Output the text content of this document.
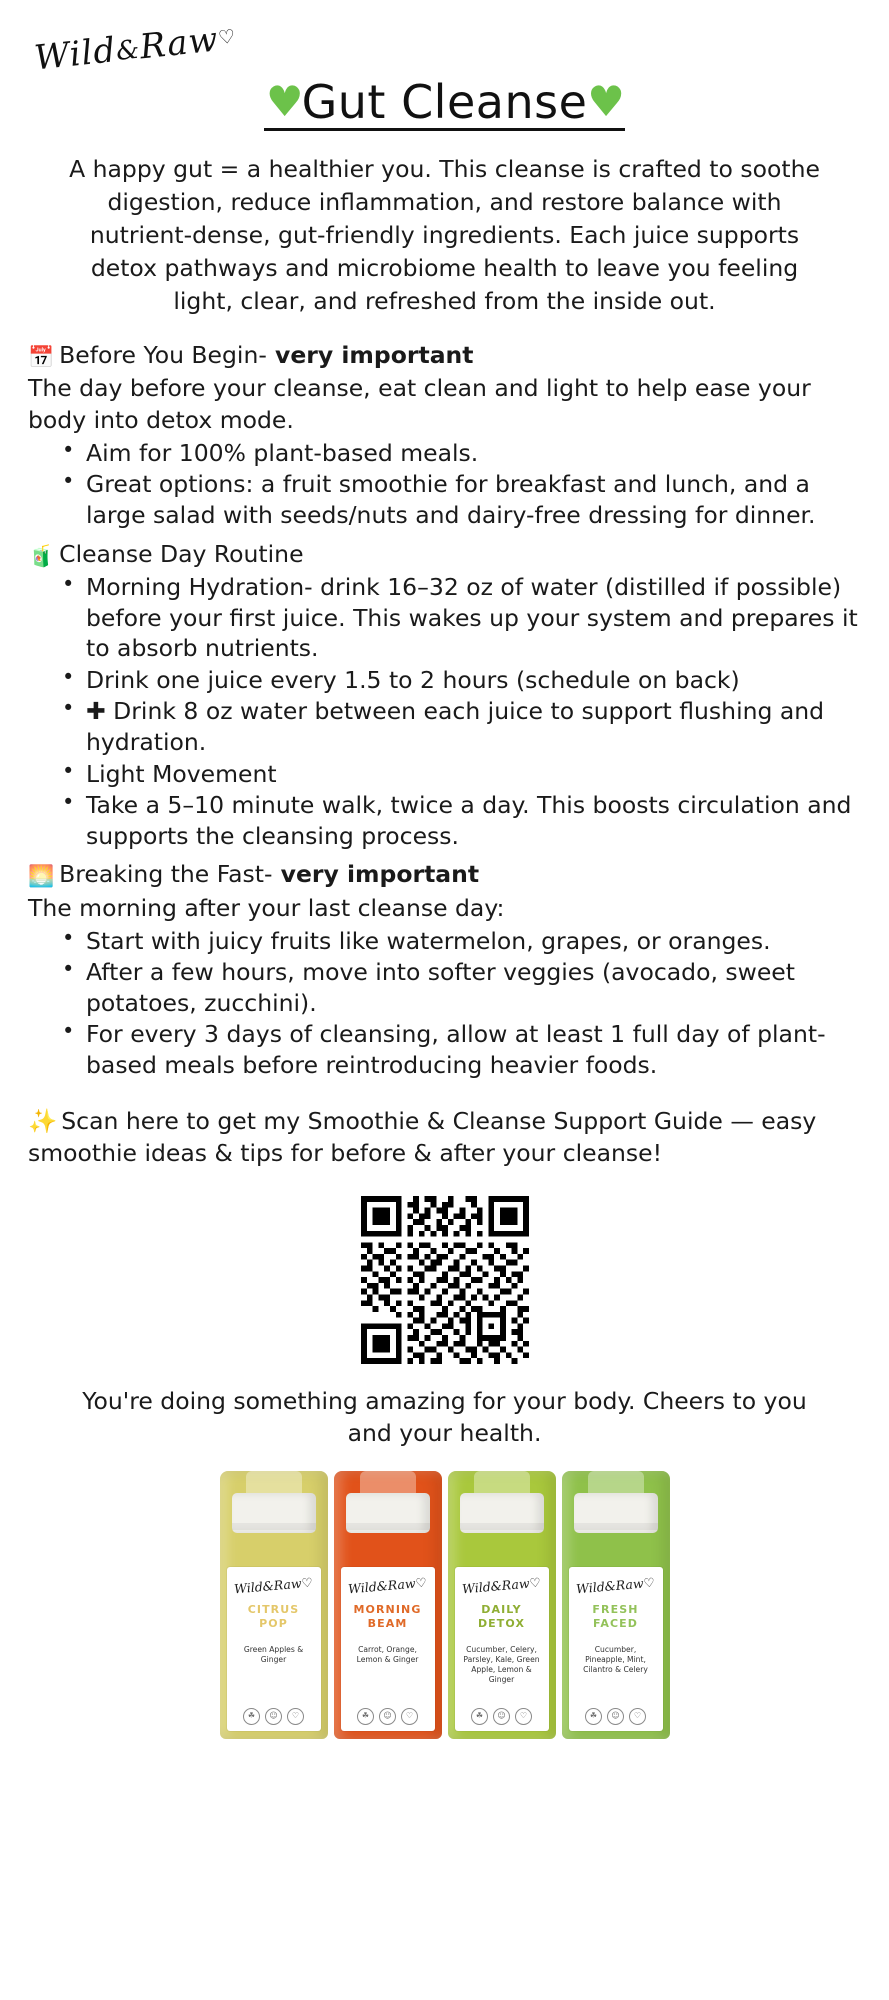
Wild&Raw♡
♥Gut Cleanse♥

A happy gut = a healthier you. This cleanse is crafted to soothe digestion, reduce inflammation, and restore balance with nutrient-dense, gut-friendly ingredients. Each juice supports detox pathways and microbiome health to leave you feeling light, clear, and refreshed from the inside out.

📅 Before You Begin- very important
The day before your cleanse, eat clean and light to help ease your body into detox mode.
• Aim for 100% plant-based meals.
• Great options: a fruit smoothie for breakfast and lunch, and a large salad with seeds/nuts and dairy-free dressing for dinner.
🧃 Cleanse Day Routine
• Morning Hydration- drink 16–32 oz of water (distilled if possible) before your first juice. This wakes up your system and prepares it to absorb nutrients.
• Drink one juice every 1.5 to 2 hours (schedule on back)
• ✚ Drink 8 oz water between each juice to support flushing and hydration.
• Light Movement
• Take a 5–10 minute walk, twice a day. This boosts circulation and supports the cleansing process.
🌅 Breaking the Fast- very important
The morning after your last cleanse day:
• Start with juicy fruits like watermelon, grapes, or oranges.
• After a few hours, move into softer veggies (avocado, sweet potatoes, zucchini).
• For every 3 days of cleansing, allow at least 1 full day of plant-based meals before reintroducing heavier foods.

✨ Scan here to get my Smoothie & Cleanse Support Guide — easy smoothie ideas & tips for before & after your cleanse!

You're doing something amazing for your body. Cheers to you and your health.

Wild&Raw♡
CITRUS POP
Green Apples & Ginger
☘	☺	♡
Wild&Raw♡
MORNING BEAM
Carrot, Orange, Lemon & Ginger
☘	☺	♡
Wild&Raw♡
DAILY DETOX
Cucumber, Celery, Parsley, Kale, Green Apple, Lemon & Ginger
☘	☺	♡
Wild&Raw♡
FRESH FACED
Cucumber, Pineapple, Mint, Cilantro & Celery
☘	☺	♡
